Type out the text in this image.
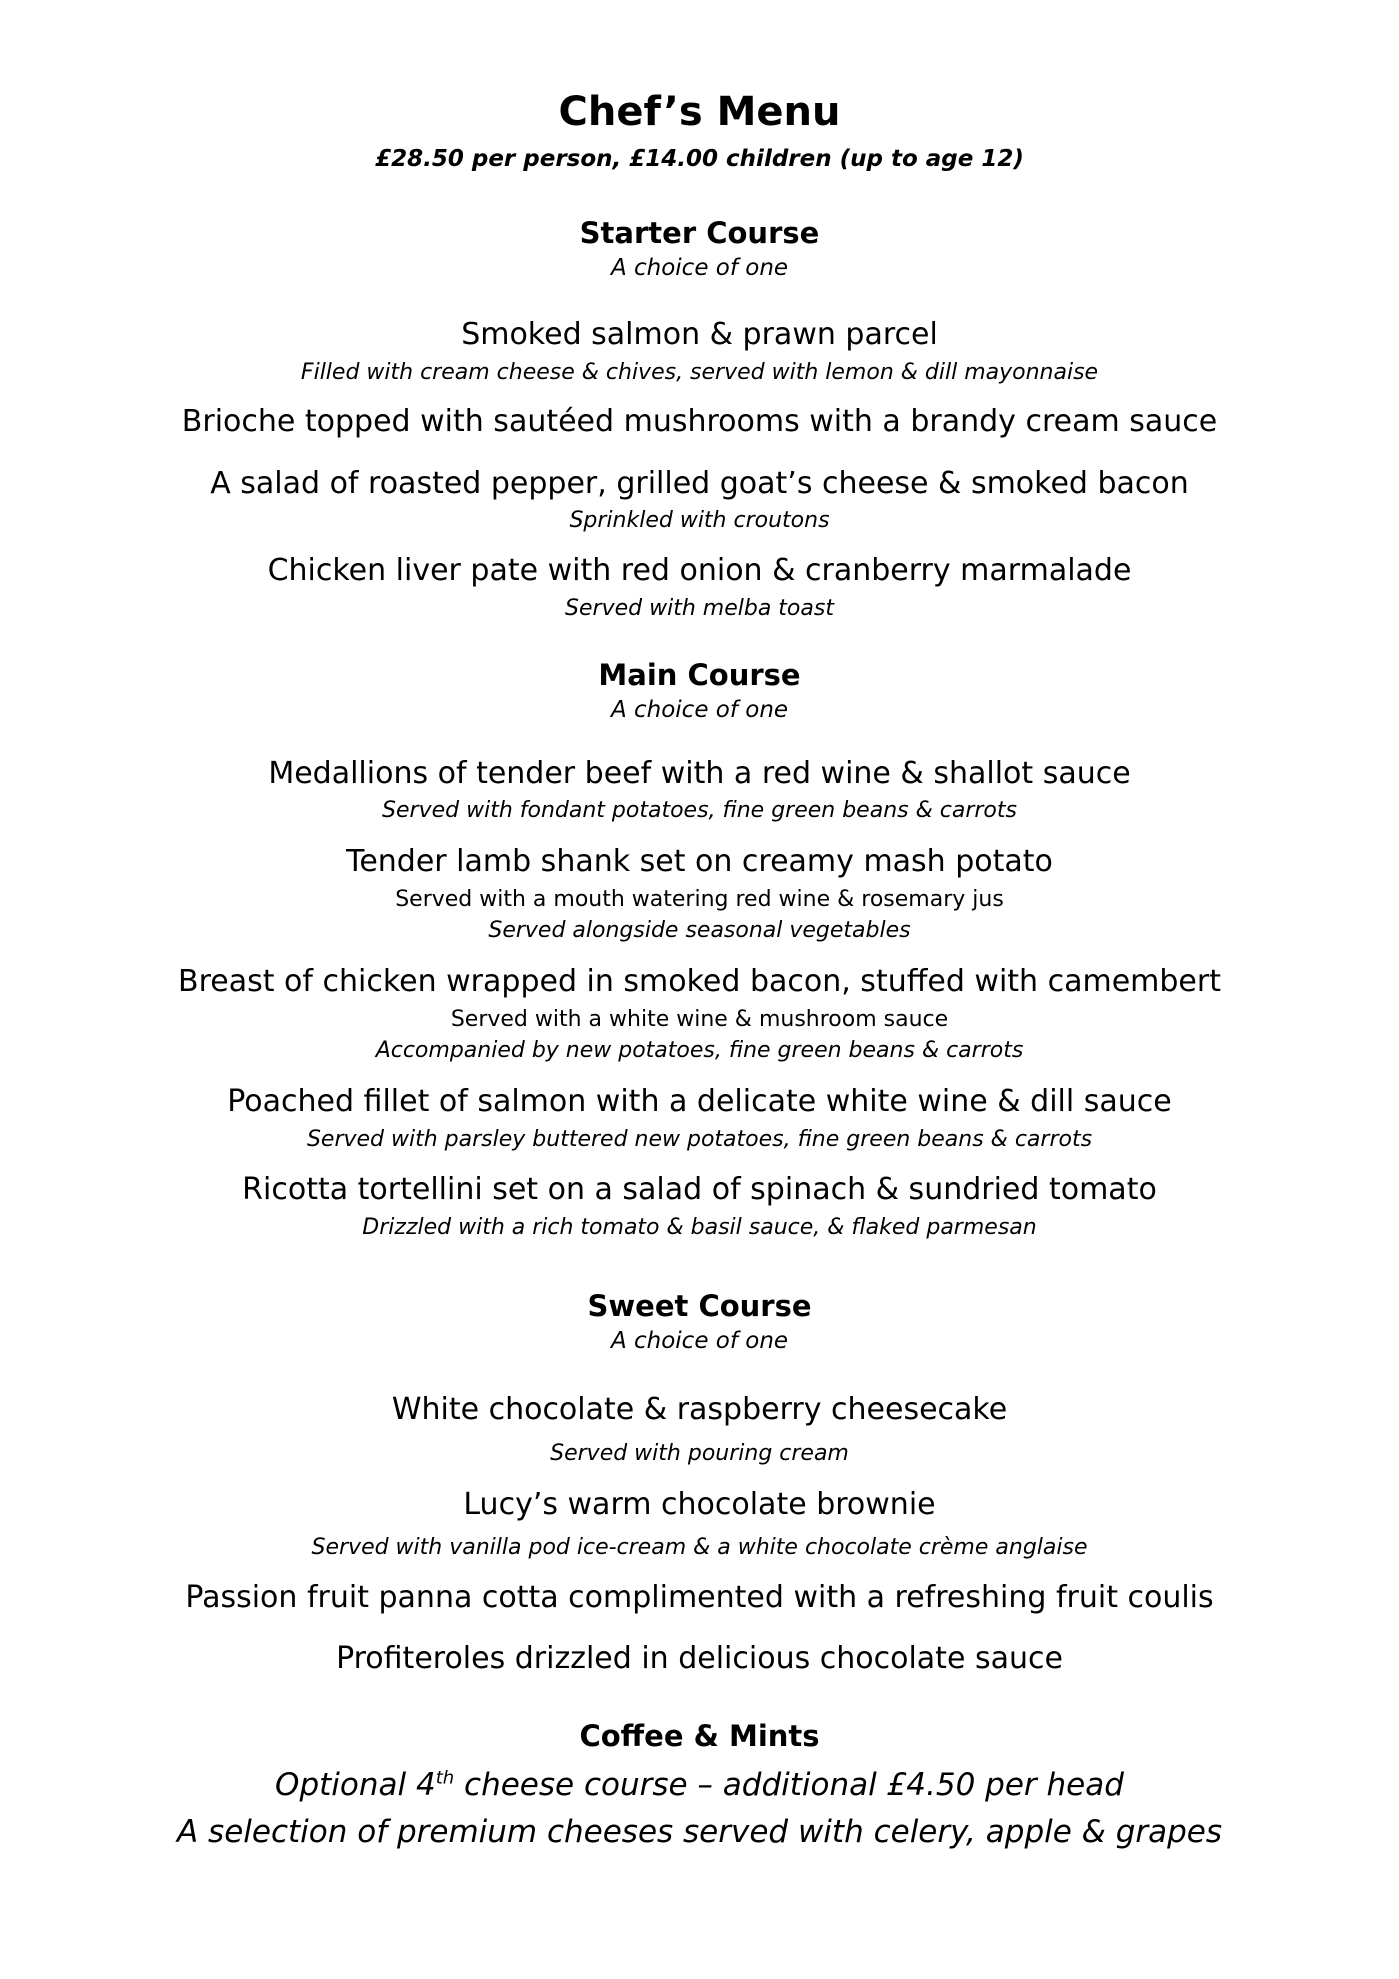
Chef’s Menu
£28.50 per person, £14.00 children (up to age 12)
Starter Course
A choice of one
Smoked salmon & prawn parcel
Filled with cream cheese & chives, served with lemon & dill mayonnaise
Brioche topped with sautéed mushrooms with a brandy cream sauce
A salad of roasted pepper, grilled goat’s cheese & smoked bacon
Sprinkled with croutons
Chicken liver pate with red onion & cranberry marmalade
Served with melba toast
Main Course
A choice of one
Medallions of tender beef with a red wine & shallot sauce
Served with fondant potatoes, fine green beans & carrots
Tender lamb shank set on creamy mash potato
Served with a mouth watering red wine & rosemary jus
Served alongside seasonal vegetables
Breast of chicken wrapped in smoked bacon, stuffed with camembert
Served with a white wine & mushroom sauce
Accompanied by new potatoes, fine green beans & carrots
Poached fillet of salmon with a delicate white wine & dill sauce
Served with parsley buttered new potatoes, fine green beans & carrots
Ricotta tortellini set on a salad of spinach & sundried tomato
Drizzled with a rich tomato & basil sauce, & flaked parmesan
Sweet Course
A choice of one
White chocolate & raspberry cheesecake
Served with pouring cream
Lucy’s warm chocolate brownie
Served with vanilla pod ice-cream & a white chocolate crème anglaise
Passion fruit panna cotta complimented with a refreshing fruit coulis
Profiteroles drizzled in delicious chocolate sauce
Coffee & Mints
Optional 4th cheese course – additional £4.50 per head
A selection of premium cheeses served with celery, apple & grapes
